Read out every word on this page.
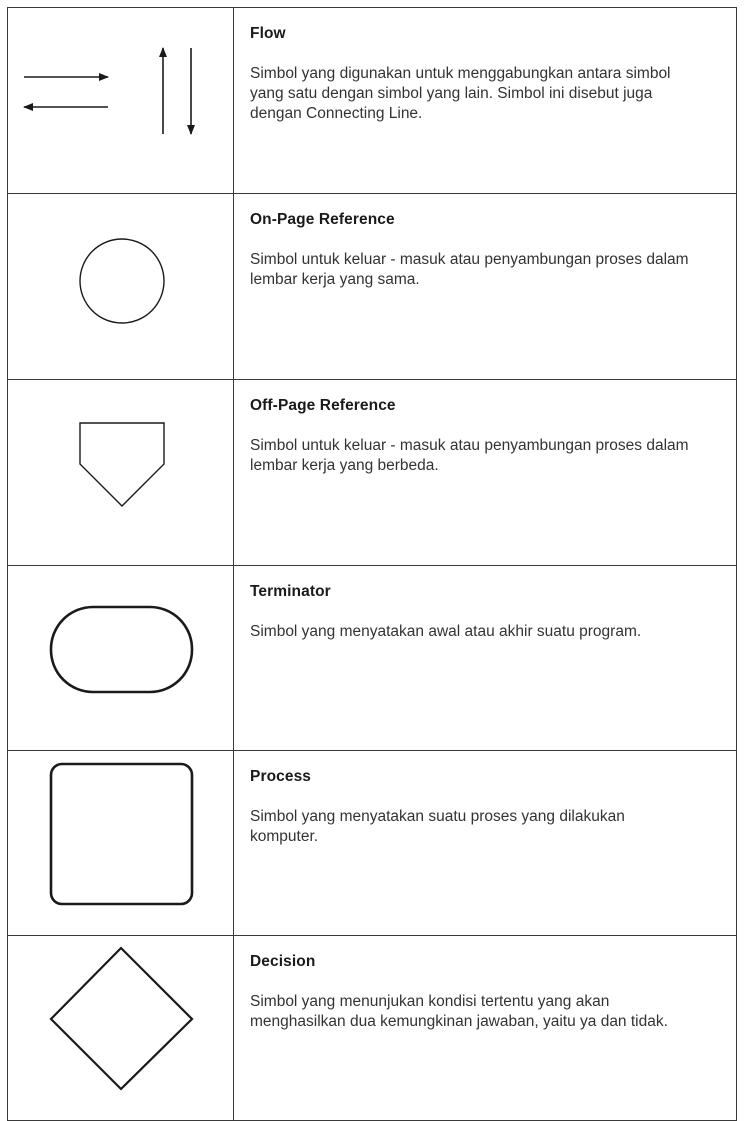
Flow

Simbol yang digunakan untuk menggabungkan antara simbol yang satu dengan simbol yang lain. Simbol ini disebut juga dengan Connecting Line.

On-Page Reference

Simbol untuk keluar - masuk atau penyambungan proses dalam lembar kerja yang sama.

Off-Page Reference

Simbol untuk keluar - masuk atau penyambungan proses dalam lembar kerja yang berbeda.

Terminator

Simbol yang menyatakan awal atau akhir suatu program.

Process

Simbol yang menyatakan suatu proses yang dilakukan komputer.

Decision

Simbol yang menunjukan kondisi tertentu yang akan menghasilkan dua kemungkinan jawaban, yaitu ya dan tidak.
